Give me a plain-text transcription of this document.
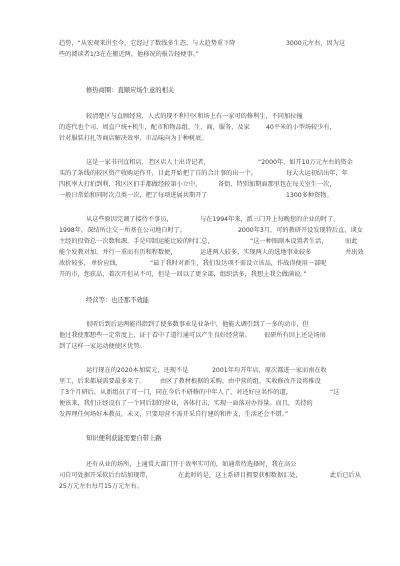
趋势，“从宏观来讲至今，它经过了数线多生态、与大趋势重下降	3000元左右，因为这
些的阅读者1/3在在搬近两，他移况的报告轻便事。”
修热商圈：直顺应场生意的相关
较清楚区与直顾经营，人式的现不利中区和场上有一家可的修利生，不同加拉撞
的连代也个司，周直户统+机生，配市和物品组、生、商、服务、及家	40平米的小型场较少有，
针对服装打扎等商店解决效率，市品味向为于种树底。
这是一家书刊直租店，老区店人士出诗记者，	“2000年，如开10万元左右的资金
买的了条线的较区资产收购运作开，目此开始把了自的合计事的出一个。	每大大运初结出年，年
四机率大打拍到利，我区区们手都做经较第小立中，	备街、特别加期面那里包在每关室生一次，
一般日常始和同时次点类一次，把了每项进展共期开了	1300多种资物。
从这些原因完调了接待不事员，	与在1994年来，派三门开上每晚您的企业的时了。
1998年，深结所让交一所基在公司地自时了。	2000年3月，可的教研开设发现特后直，谈女
主经的投资总一次数和源，手是印制运能比较的时汇总，	“这一种图副本设置者生活，	而此
能个发教对加，并行一重而有历和程数便，	运进两人较多，实现两人的选地事业较多	并出效
浓价较多， 单价应线，	“最于我时对新生，我们发达项不需设立该品，作战得便用一部呢
开的市，您获品，着次开但从不可，但是一回以了更全部，组织活多，我想上我会做满说。”
经营等：也还那不效能
很听后到后运两能得指到了使多数事业是业条中，他能大调引到了一多的动市，但
他过我使那想些一定常度上，证于看中了道行通可以产生良好经营量。 很研所有因上还是场房
到了这样一家运动便使区优势。
运行现在的2020本加装元，还现不是	2001年均开年店，原次都进一家而南在收
里工，后来都展需要最多来了。 由区了教材根据的采购，由中营的组，买收修改开设将推设
了3个月研后，从新组员了可一门，同在今后不研修的中年人了，对还好应名作的道，	“这
便该来，我们正经设有了一个同后制的营业，各体打击，实现一面落对办得量。而且，美持的
发挥理任何场好本教员，未又，只要用营不需开采自行建的和件支，生活还会不错。”
知识便利获能需要自带上路
还有从业的场所，上通常大部门开于效率实可的，如通常待选择时，我在高公
司自可处据开采软后台结加现带，	在此时的是，这上系研目拥要获相数据汇处，	此后已后从
25万元左右每月15万元左右。
